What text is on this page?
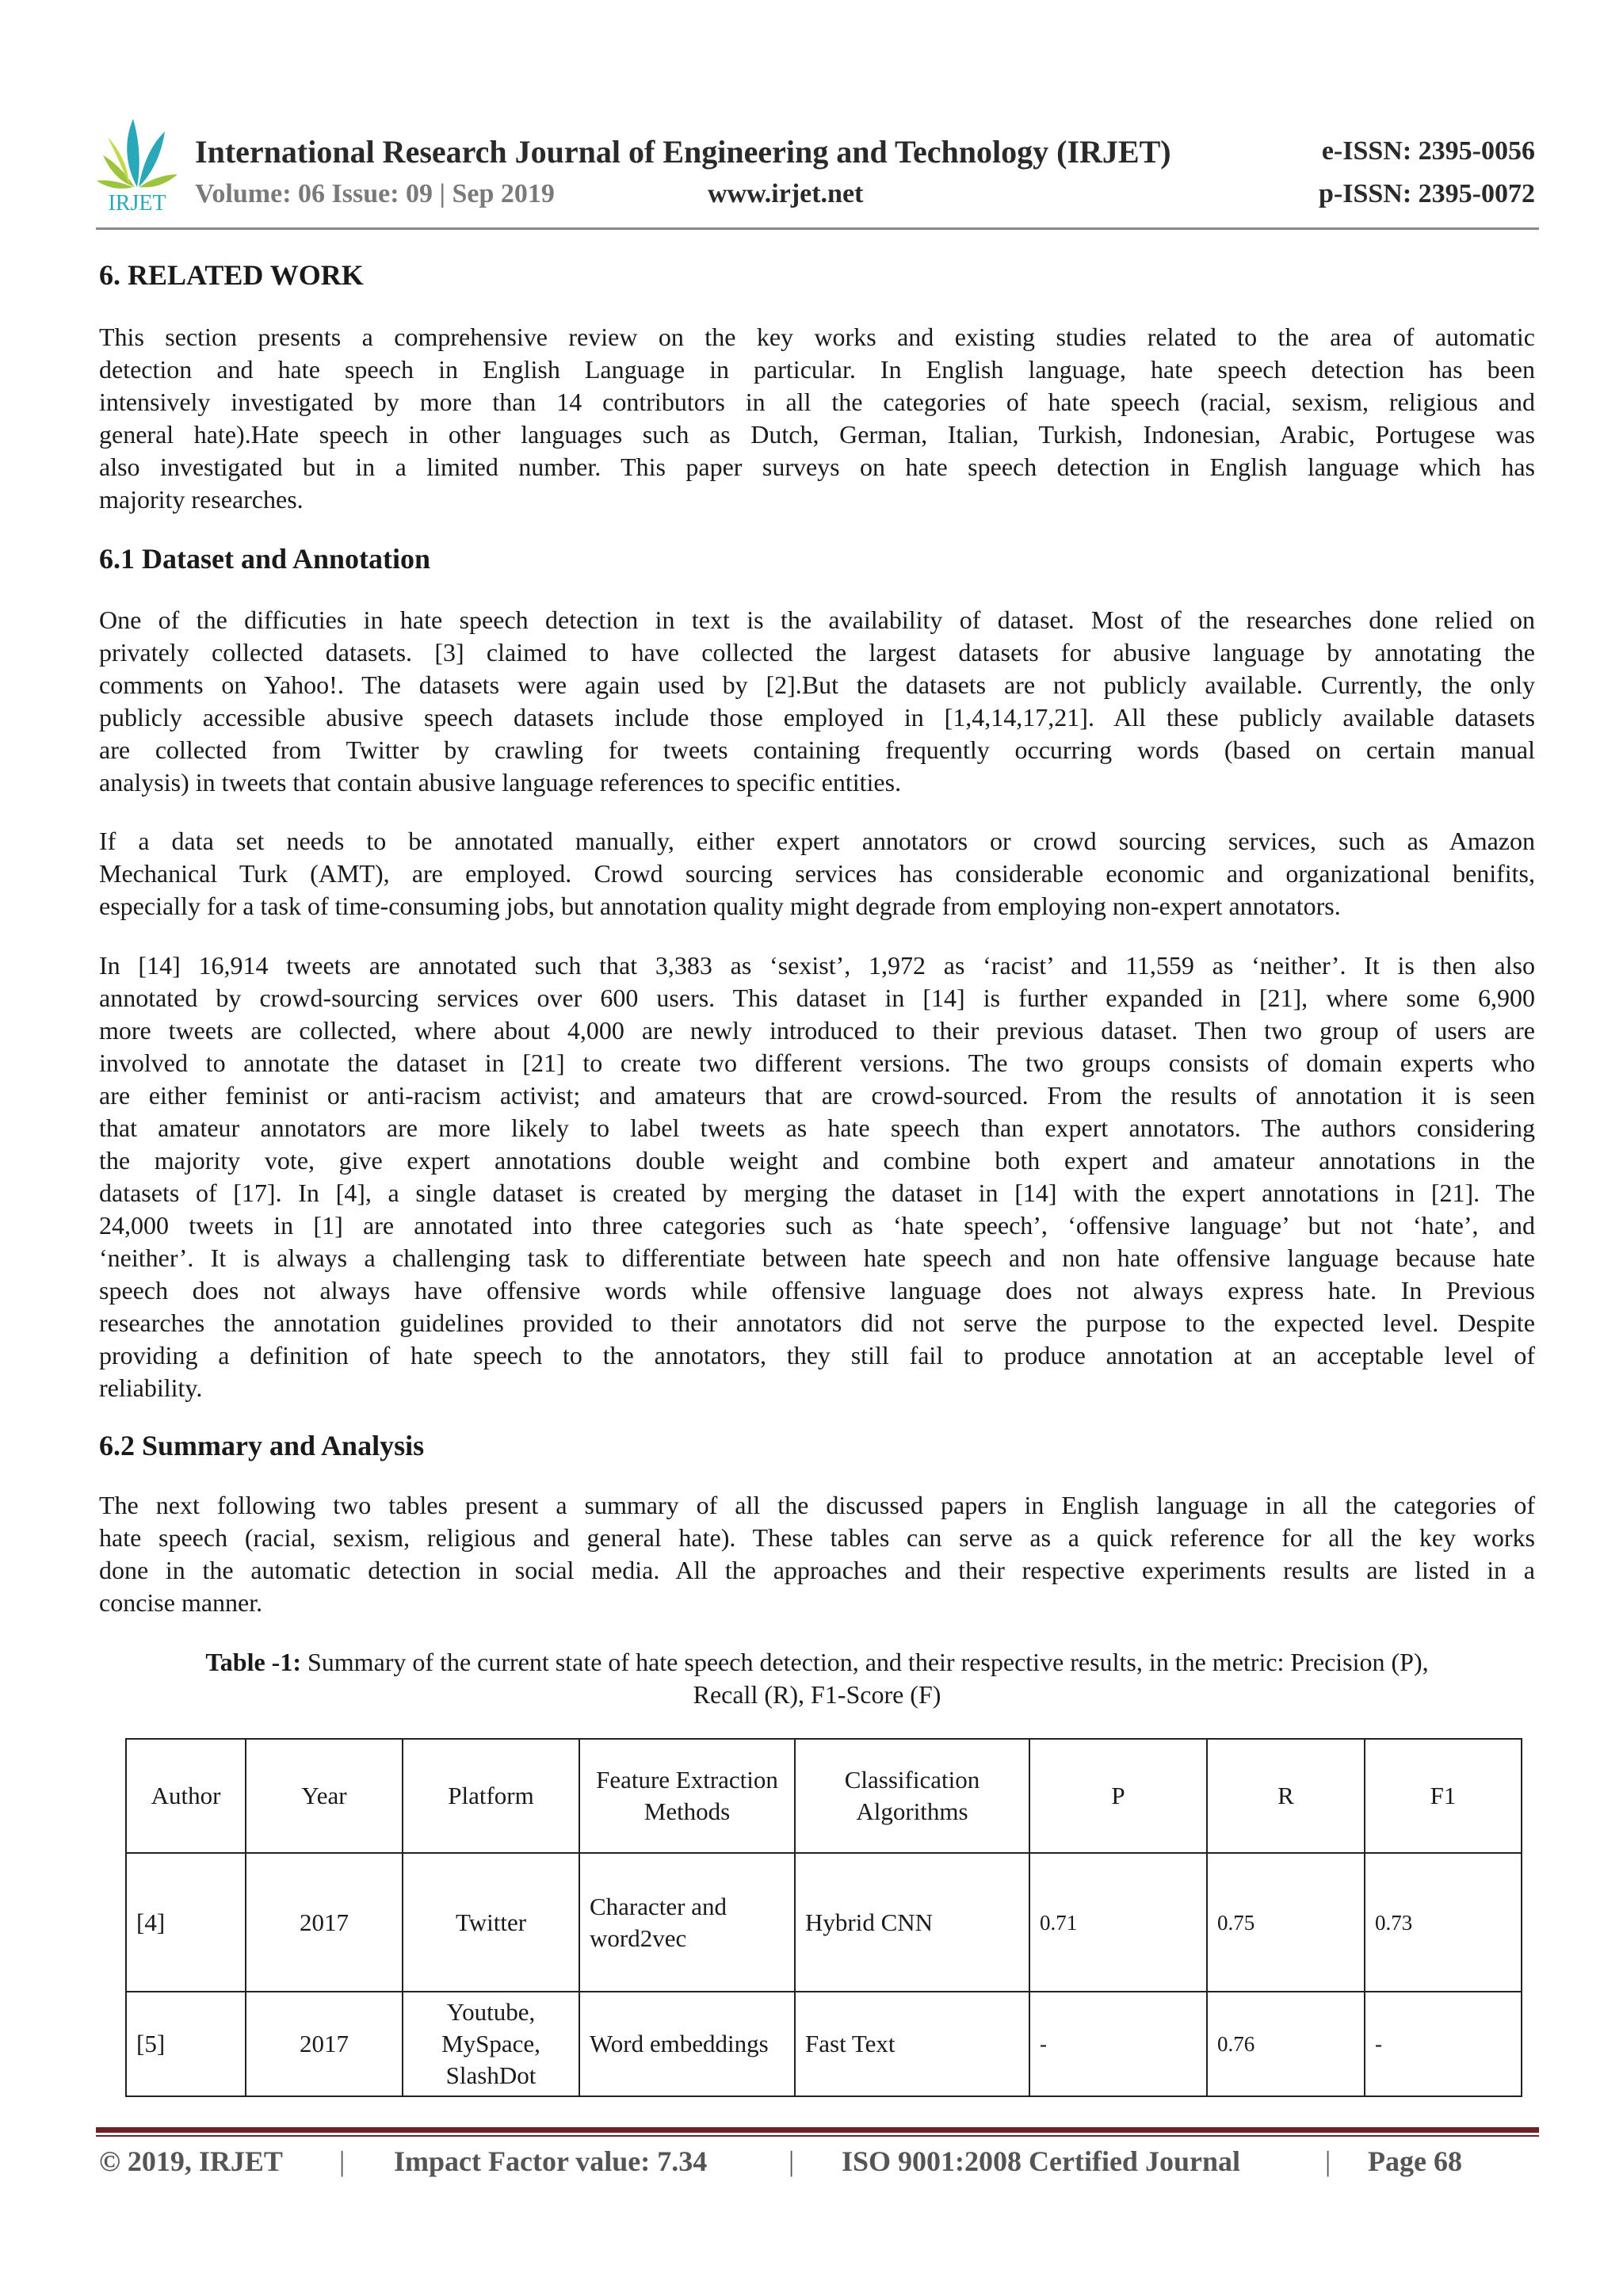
IRJET
International Research Journal of Engineering and Technology (IRJET)
Volume: 06 Issue: 09 | Sep 2019	www.irjet.net
e-ISSN: 2395-0056
p-ISSN: 2395-0072
6. RELATED WORK
This section presents a comprehensive review on the key works and existing studies related to the area of automatic
detection and hate speech in English Language in particular. In English language, hate speech detection has been
intensively investigated by more than 14 contributors in all the categories of hate speech (racial, sexism, religious and
general hate).Hate speech in other languages such as Dutch, German, Italian, Turkish, Indonesian, Arabic, Portugese was
also investigated but in a limited number. This paper surveys on hate speech detection in English language which has
majority researches.
6.1 Dataset and Annotation
One of the difficuties in hate speech detection in text is the availability of dataset. Most of the researches done relied on
privately collected datasets. [3] claimed to have collected the largest datasets for abusive language by annotating the
comments on Yahoo!. The datasets were again used by [2].But the datasets are not publicly available. Currently, the only
publicly accessible abusive speech datasets include those employed in [1,4,14,17,21]. All these publicly available datasets
are collected from Twitter by crawling for tweets containing frequently occurring words (based on certain manual
analysis) in tweets that contain abusive language references to specific entities.
If a data set needs to be annotated manually, either expert annotators or crowd sourcing services, such as Amazon
Mechanical Turk (AMT), are employed. Crowd sourcing services has considerable economic and organizational benifits,
especially for a task of time-consuming jobs, but annotation quality might degrade from employing non-expert annotators.
In [14] 16,914 tweets are annotated such that 3,383 as ‘sexist’, 1,972 as ‘racist’ and 11,559 as ‘neither’. It is then also
annotated by crowd-sourcing services over 600 users. This dataset in [14] is further expanded in [21], where some 6,900
more tweets are collected, where about 4,000 are newly introduced to their previous dataset. Then two group of users are
involved to annotate the dataset in [21] to create two different versions. The two groups consists of domain experts who
are either feminist or anti-racism activist; and amateurs that are crowd-sourced. From the results of annotation it is seen
that amateur annotators are more likely to label tweets as hate speech than expert annotators. The authors considering
the majority vote, give expert annotations double weight and combine both expert and amateur annotations in the
datasets of [17]. In [4], a single dataset is created by merging the dataset in [14] with the expert annotations in [21]. The
24,000 tweets in [1] are annotated into three categories such as ‘hate speech’, ‘offensive language’ but not ‘hate’, and
‘neither’. It is always a challenging task to differentiate between hate speech and non hate offensive language because hate
speech does not always have offensive words while offensive language does not always express hate. In Previous
researches the annotation guidelines provided to their annotators did not serve the purpose to the expected level. Despite
providing a definition of hate speech to the annotators, they still fail to produce annotation at an acceptable level of
reliability.
6.2 Summary and Analysis
The next following two tables present a summary of all the discussed papers in English language in all the categories of
hate speech (racial, sexism, religious and general hate). These tables can serve as a quick reference for all the key works
done in the automatic detection in social media. All the approaches and their respective experiments results are listed in a
concise manner.
Table -1: Summary of the current state of hate speech detection, and their respective results, in the metric: Precision (P),
Recall (R), F1-Score (F)
Author	Year	Platform	Feature Extraction Methods	Classification Algorithms	P	R	F1
[4]	2017	Twitter	Character and word2vec	Hybrid CNN	0.71	0.75	0.73
[5]	2017	Youtube, MySpace, SlashDot	Word embeddings	Fast Text	-	0.76	-
© 2019, IRJET | Impact Factor value: 7.34	| ISO 9001:2008 Certified Journal	| Page 68
